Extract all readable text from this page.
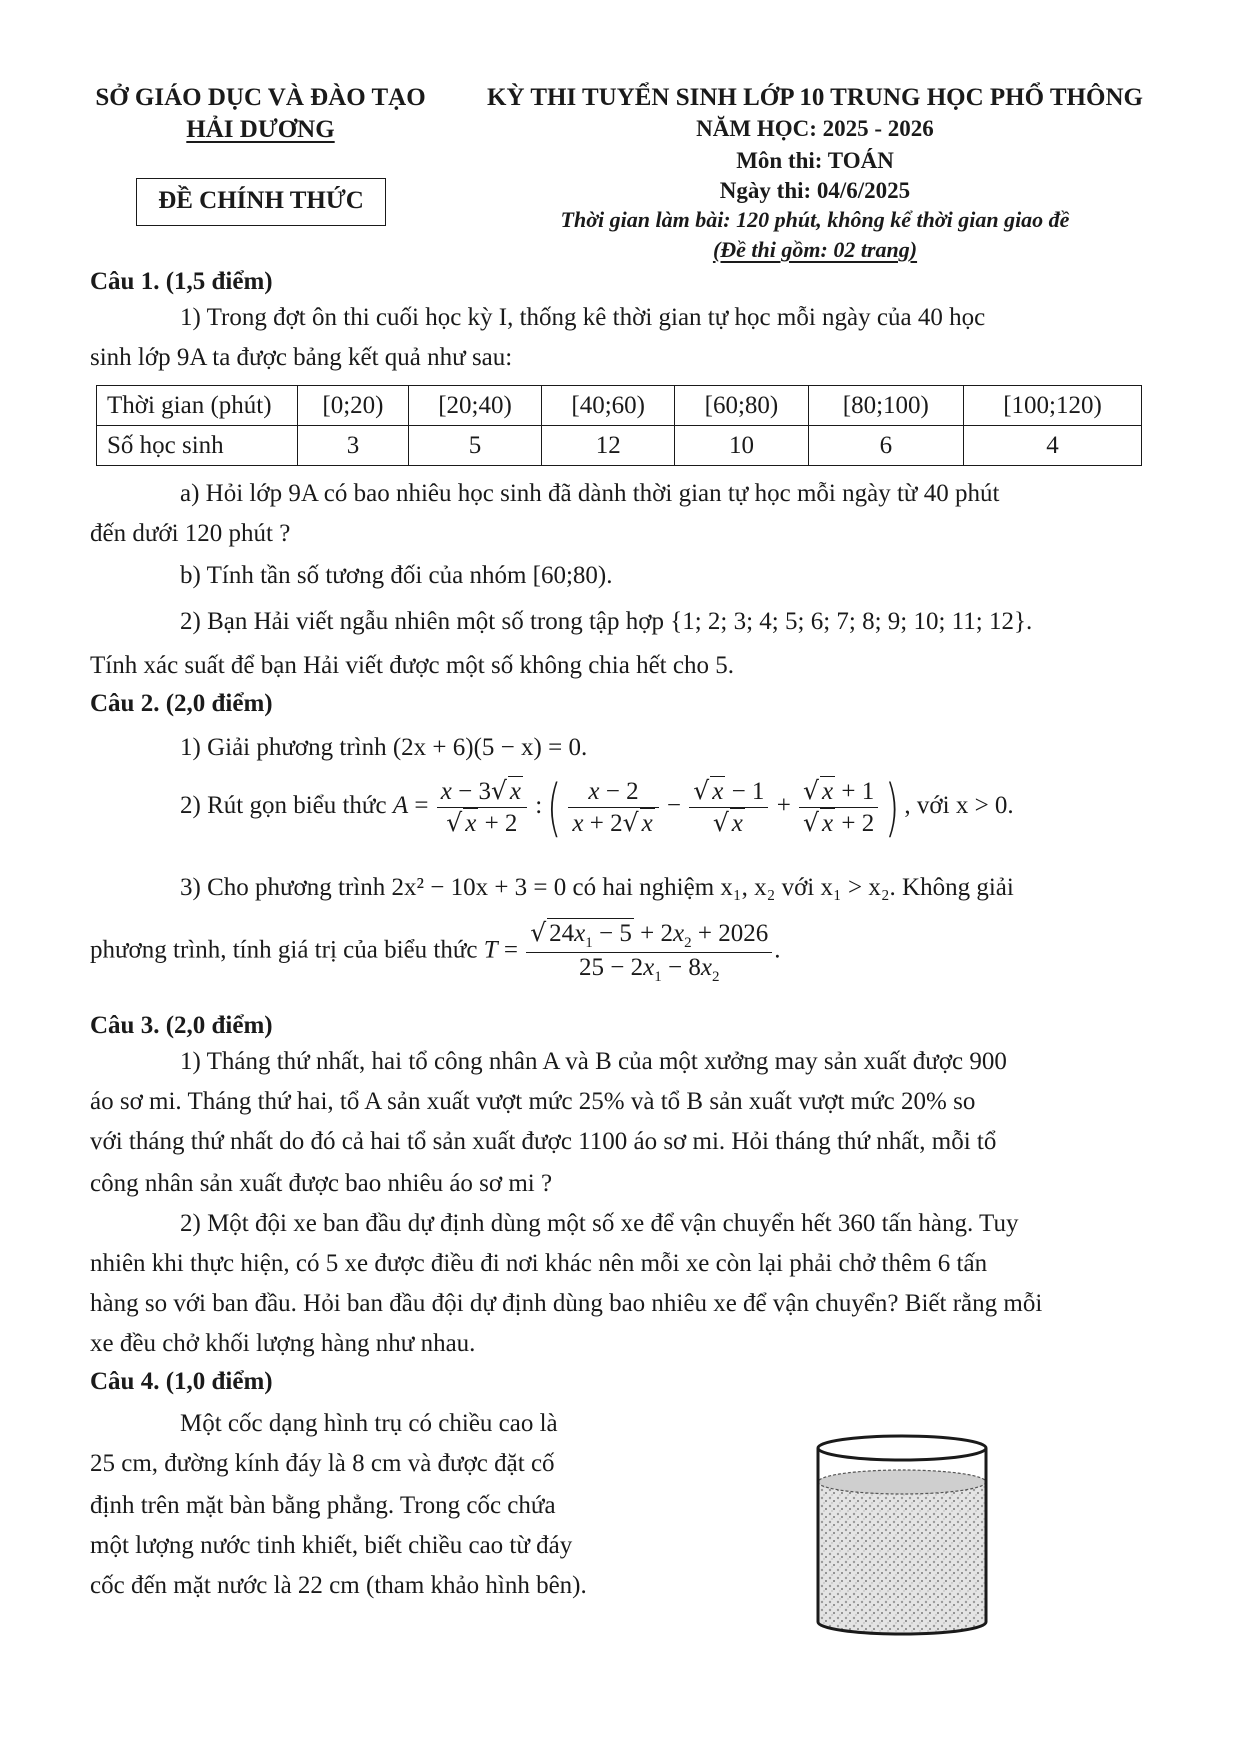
SỞ GIÁO DỤC VÀ ĐÀO TẠO
HẢI DƯƠNG
ĐỀ CHÍNH THỨC
KỲ THI TUYỂN SINH LỚP 10 TRUNG HỌC PHỔ THÔNG
NĂM HỌC: 2025 - 2026
Môn thi: TOÁN
Ngày thi: 04/6/2025
Thời gian làm bài: 120 phút, không kể thời gian giao đề
(Đề thi gồm: 02 trang)
Câu 1. (1,5 điểm)
1) Trong đợt ôn thi cuối học kỳ I, thống kê thời gian tự học mỗi ngày của 40 học
sinh lớp 9A ta được bảng kết quả như sau:
Thời gian (phút)	[0;20)	[20;40)	[40;60)	[60;80)	[80;100)	[100;120)
Số học sinh	3	5	12	10	6	4
a) Hỏi lớp 9A có bao nhiêu học sinh đã dành thời gian tự học mỗi ngày từ 40 phút
đến dưới 120 phút ?
b) Tính tần số tương đối của nhóm [60;80).
2) Bạn Hải viết ngẫu nhiên một số trong tập hợp {1; 2; 3; 4; 5; 6; 7; 8; 9; 10; 11; 12}.
Tính xác suất để bạn Hải viết được một số không chia hết cho 5.
Câu 2. (2,0 điểm)
1) Giải phương trình (2x + 6)(5 − x) = 0.
2) Rút gọn biểu thức $A = \frac{x - 3√ x}{√ x + 2}$ :( $\frac{x - 2}{x + 2√ x} - \frac{√ x - 1}{√ x} + \frac{√ x + 1}{√ x + 2}$ ) , với x > 0.
3) Cho phương trình 2x² − 10x + 3 = 0 có hai nghiệm x₁, x₂ với x₁ > x₂. Không giải
phương trình, tính giá trị của biểu thức $T = \frac{√ 24x_1 - 5 + 2x_2 + 2026}{25 - 2x_1 - 8x_2}$ .
Câu 3. (2,0 điểm)
1) Tháng thứ nhất, hai tổ công nhân A và B của một xưởng may sản xuất được 900
áo sơ mi. Tháng thứ hai, tổ A sản xuất vượt mức 25% và tổ B sản xuất vượt mức 20% so
với tháng thứ nhất do đó cả hai tổ sản xuất được 1100 áo sơ mi. Hỏi tháng thứ nhất, mỗi tổ
công nhân sản xuất được bao nhiêu áo sơ mi ?
2) Một đội xe ban đầu dự định dùng một số xe để vận chuyển hết 360 tấn hàng. Tuy
nhiên khi thực hiện, có 5 xe được điều đi nơi khác nên mỗi xe còn lại phải chở thêm 6 tấn
hàng so với ban đầu. Hỏi ban đầu đội dự định dùng bao nhiêu xe để vận chuyển? Biết rằng mỗi
xe đều chở khối lượng hàng như nhau.
Câu 4. (1,0 điểm)
Một cốc dạng hình trụ có chiều cao là
25 cm, đường kính đáy là 8 cm và được đặt cố
định trên mặt bàn bằng phẳng. Trong cốc chứa
một lượng nước tinh khiết, biết chiều cao từ đáy
cốc đến mặt nước là 22 cm (tham khảo hình bên).
